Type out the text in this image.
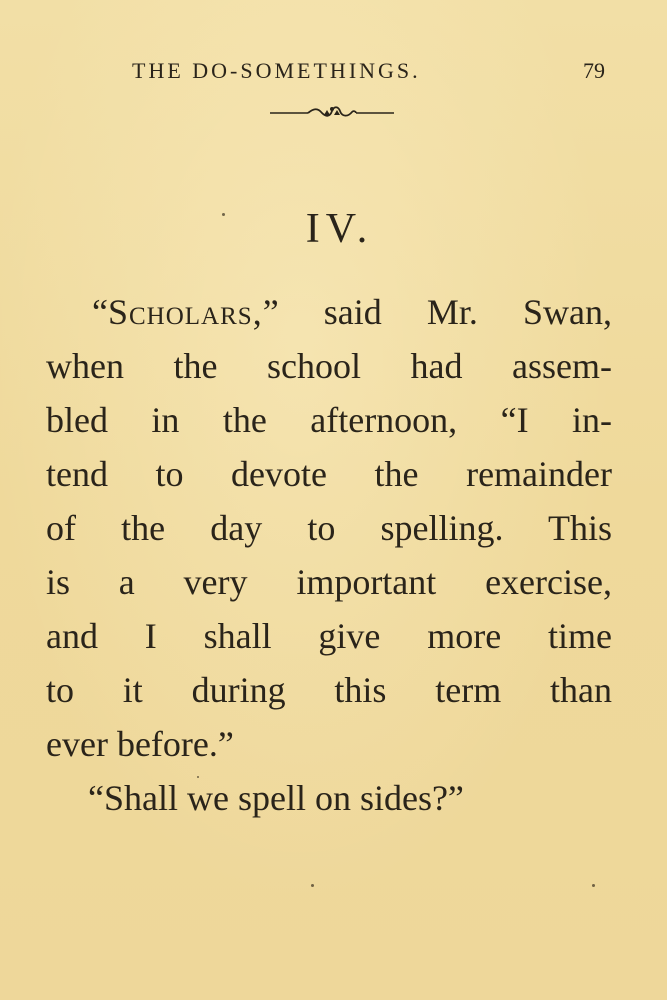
THE DO-SOMETHINGS.	79
IV.
“Scholars,” said Mr. Swan,
when the school had assem-
bled in the afternoon, “I in-
tend to devote the remainder
of the day to spelling. This
is a very important exercise,
and I shall give more time
to it during this term than
ever before.”
“Shall we spell on sides?”
